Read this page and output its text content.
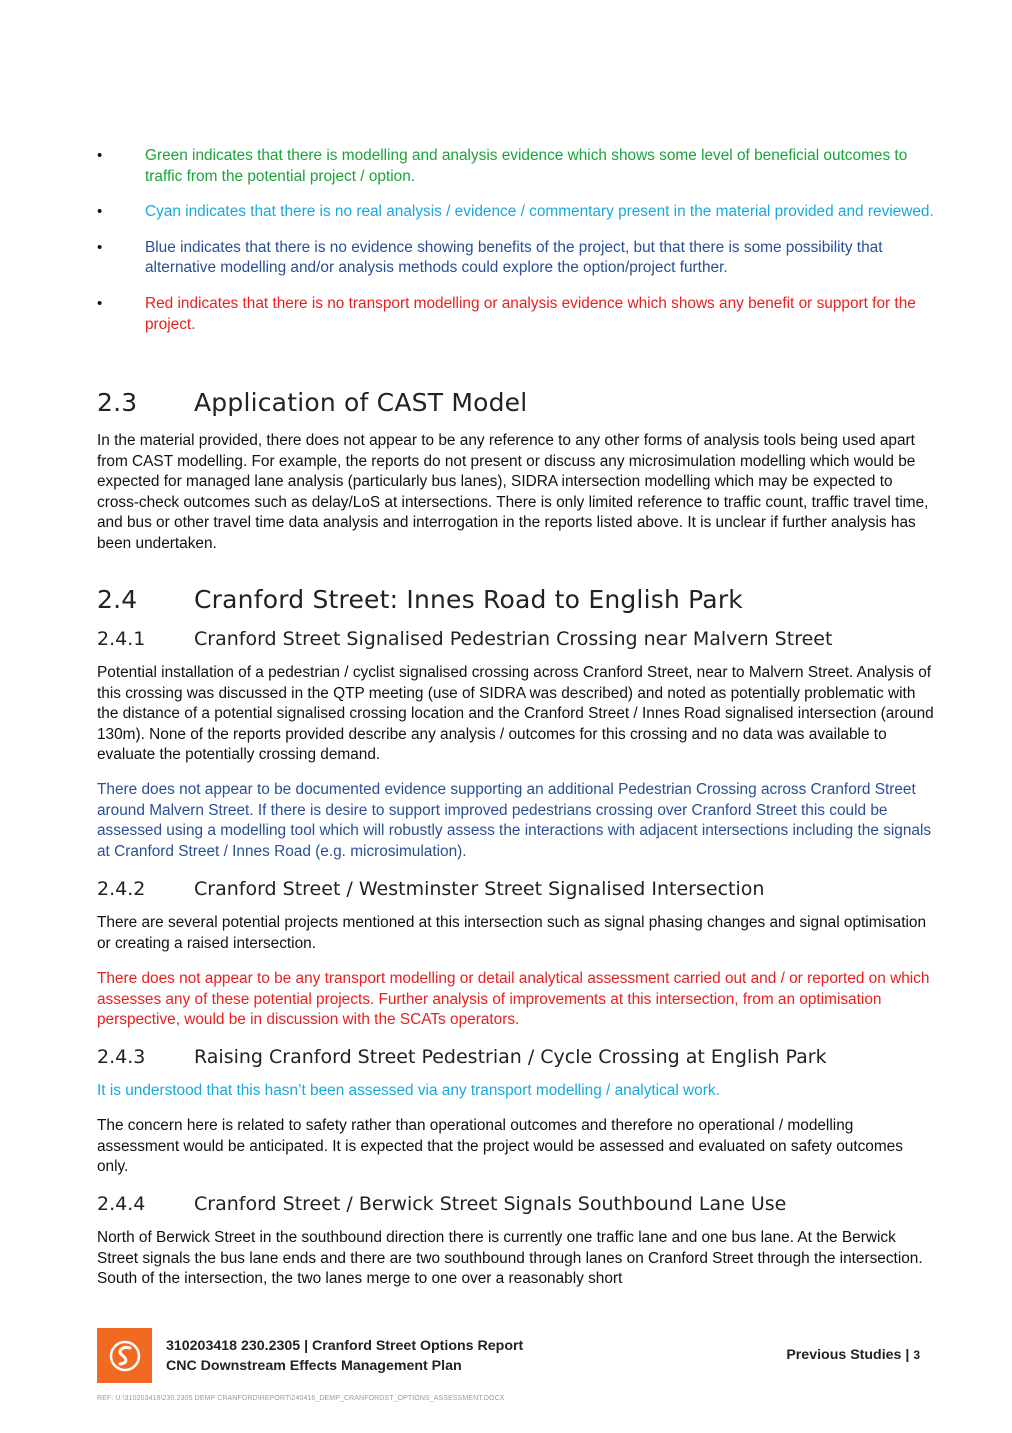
•	Green indicates that there is modelling and analysis evidence which shows some level of beneficial outcomes to traffic from the potential project / option.
•	Cyan indicates that there is no real analysis / evidence / commentary present in the material provided and reviewed.
•	Blue indicates that there is no evidence showing benefits of the project, but that there is some possibility that alternative modelling and/or analysis methods could explore the option/project further.
•	Red indicates that there is no transport modelling or analysis evidence which shows any benefit or support for the project.
2.3	Application of CAST Model

In the material provided, there does not appear to be any reference to any other forms of analysis tools being used apart from CAST modelling. For example, the reports do not present or discuss any microsimulation modelling which would be expected for managed lane analysis (particularly bus lanes), SIDRA intersection modelling which may be expected to cross-check outcomes such as delay/LoS at intersections. There is only limited reference to traffic count, traffic travel time, and bus or other travel time data analysis and interrogation in the reports listed above. It is unclear if further analysis has been undertaken.

2.4	Cranford Street: Innes Road to English Park
2.4.1	Cranford Street Signalised Pedestrian Crossing near Malvern Street

Potential installation of a pedestrian / cyclist signalised crossing across Cranford Street, near to Malvern Street. Analysis of this crossing was discussed in the QTP meeting (use of SIDRA was described) and noted as potentially problematic with the distance of a potential signalised crossing location and the Cranford Street / Innes Road signalised intersection (around 130m). None of the reports provided describe any analysis / outcomes for this crossing and no data was available to evaluate the potentially crossing demand.

There does not appear to be documented evidence supporting an additional Pedestrian Crossing across Cranford Street around Malvern Street. If there is desire to support improved pedestrians crossing over Cranford Street this could be assessed using a modelling tool which will robustly assess the interactions with adjacent intersections including the signals at Cranford Street / Innes Road (e.g. microsimulation).

2.4.2	Cranford Street / Westminster Street Signalised Intersection

There are several potential projects mentioned at this intersection such as signal phasing changes and signal optimisation or creating a raised intersection.

There does not appear to be any transport modelling or detail analytical assessment carried out and / or reported on which assesses any of these potential projects. Further analysis of improvements at this intersection, from an optimisation perspective, would be in discussion with the SCATs operators.

2.4.3	Raising Cranford Street Pedestrian / Cycle Crossing at English Park

It is understood that this hasn’t been assessed via any transport modelling / analytical work.

The concern here is related to safety rather than operational outcomes and therefore no operational / modelling assessment would be anticipated. It is expected that the project would be assessed and evaluated on safety outcomes only.

2.4.4	Cranford Street / Berwick Street Signals Southbound Lane Use

North of Berwick Street in the southbound direction there is currently one traffic lane and one bus lane. At the Berwick Street signals the bus lane ends and there are two southbound through lanes on Cranford Street through the intersection. South of the intersection, the two lanes merge to one over a reasonably short

310203418 230.2305 | Cranford Street Options Report
CNC Downstream Effects Management Plan
Previous Studies | 3
REF: U:\310203418\230.2305 DEMP CRANFORD\REPORT\240416_DEMP_CRANFORDST_OPTIONS_ASSESSMENT.DOCX
